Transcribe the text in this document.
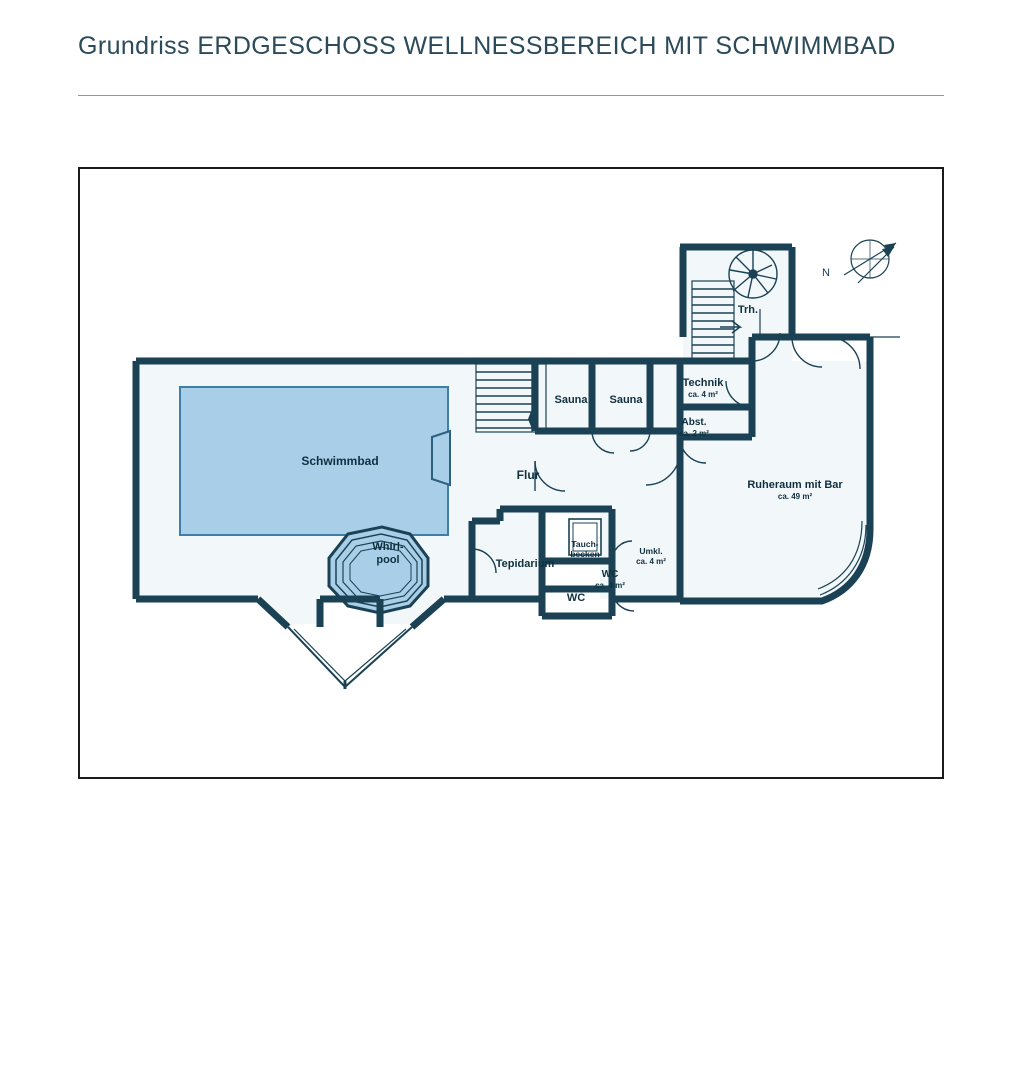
Grundriss ERDGESCHOSS WELLNESSBEREICH MIT SCHWIMMBAD
Schwimmbad
Whirl-
pool
Flur
Sauna	Sauna
Technik
ca. 4 m²
Abst.
ca. 2 m²
Trh.
Ruheraum mit Bar
ca. 49 m²
Tepidarium
Tauch-
becken	Umkl.
ca. 4 m²
WC
ca. 4 m²
WC
N
